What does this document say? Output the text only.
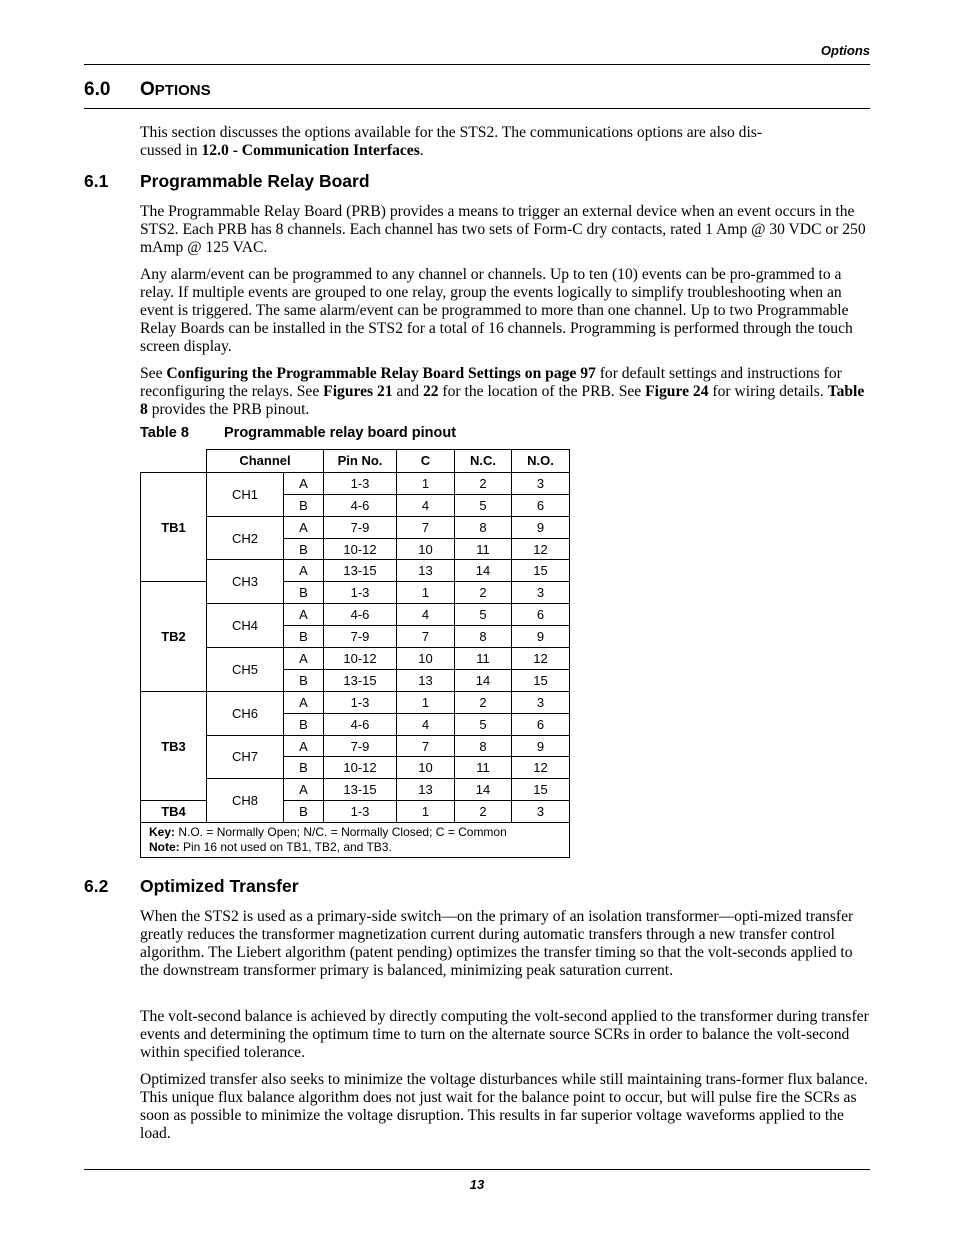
Options
6.0 OPTIONS
This section discusses the options available for the STS2. The communications options are also dis-
cussed in 12.0 - Communication Interfaces.
6.1 Programmable Relay Board
The Programmable Relay Board (PRB) provides a means to trigger an external device when an event occurs in the STS2. Each PRB has 8 channels. Each channel has two sets of Form-C dry contacts, rated 1 Amp @ 30 VDC or 250 mAmp @ 125 VAC.
Any alarm/event can be programmed to any channel or channels. Up to ten (10) events can be pro-grammed to a relay. If multiple events are grouped to one relay, group the events logically to simplify troubleshooting when an event is triggered. The same alarm/event can be programmed to more than one channel. Up to two Programmable Relay Boards can be installed in the STS2 for a total of 16 channels. Programming is performed through the touch screen display.
See Configuring the Programmable Relay Board Settings on page 97 for default settings and instructions for reconfiguring the relays. See Figures 21 and 22 for the location of the PRB. See Figure 24 for wiring details. Table 8 provides the PRB pinout.
Table 8 Programmable relay board pinout
	Channel		Pin No.	C	N.C.	N.O.
TB1	CH1	A	1-3	1	2	3
		B	4-6	4	5	6
	CH2	A	7-9	7	8	9
		B	10-12	10	11	12
	CH3	A	13-15	13	14	15
TB2		B	1-3	1	2	3
	CH4	A	4-6	4	5	6
		B	7-9	7	8	9
	CH5	A	10-12	10	11	12
		B	13-15	13	14	15
TB3	CH6	A	1-3	1	2	3
		B	4-6	4	5	6
	CH7	A	7-9	7	8	9
		B	10-12	10	11	12
	CH8	A	13-15	13	14	15
TB4		B	1-3	1	2	3
Key: N.O. = Normally Open; N/C. = Normally Closed; C = Common
Note: Pin 16 not used on TB1, TB2, and TB3.						
6.2 Optimized Transfer
When the STS2 is used as a primary-side switch—on the primary of an isolation transformer—opti-mized transfer greatly reduces the transformer magnetization current during automatic transfers through a new transfer control algorithm. The Liebert algorithm (patent pending) optimizes the transfer timing so that the volt-seconds applied to the downstream transformer primary is balanced, minimizing peak saturation current.
The volt-second balance is achieved by directly computing the volt-second applied to the transformer during transfer events and determining the optimum time to turn on the alternate source SCRs in order to balance the volt-second within specified tolerance.
Optimized transfer also seeks to minimize the voltage disturbances while still maintaining trans-former flux balance. This unique flux balance algorithm does not just wait for the balance point to occur, but will pulse fire the SCRs as soon as possible to minimize the voltage disruption. This results in far superior voltage waveforms applied to the load.
13
